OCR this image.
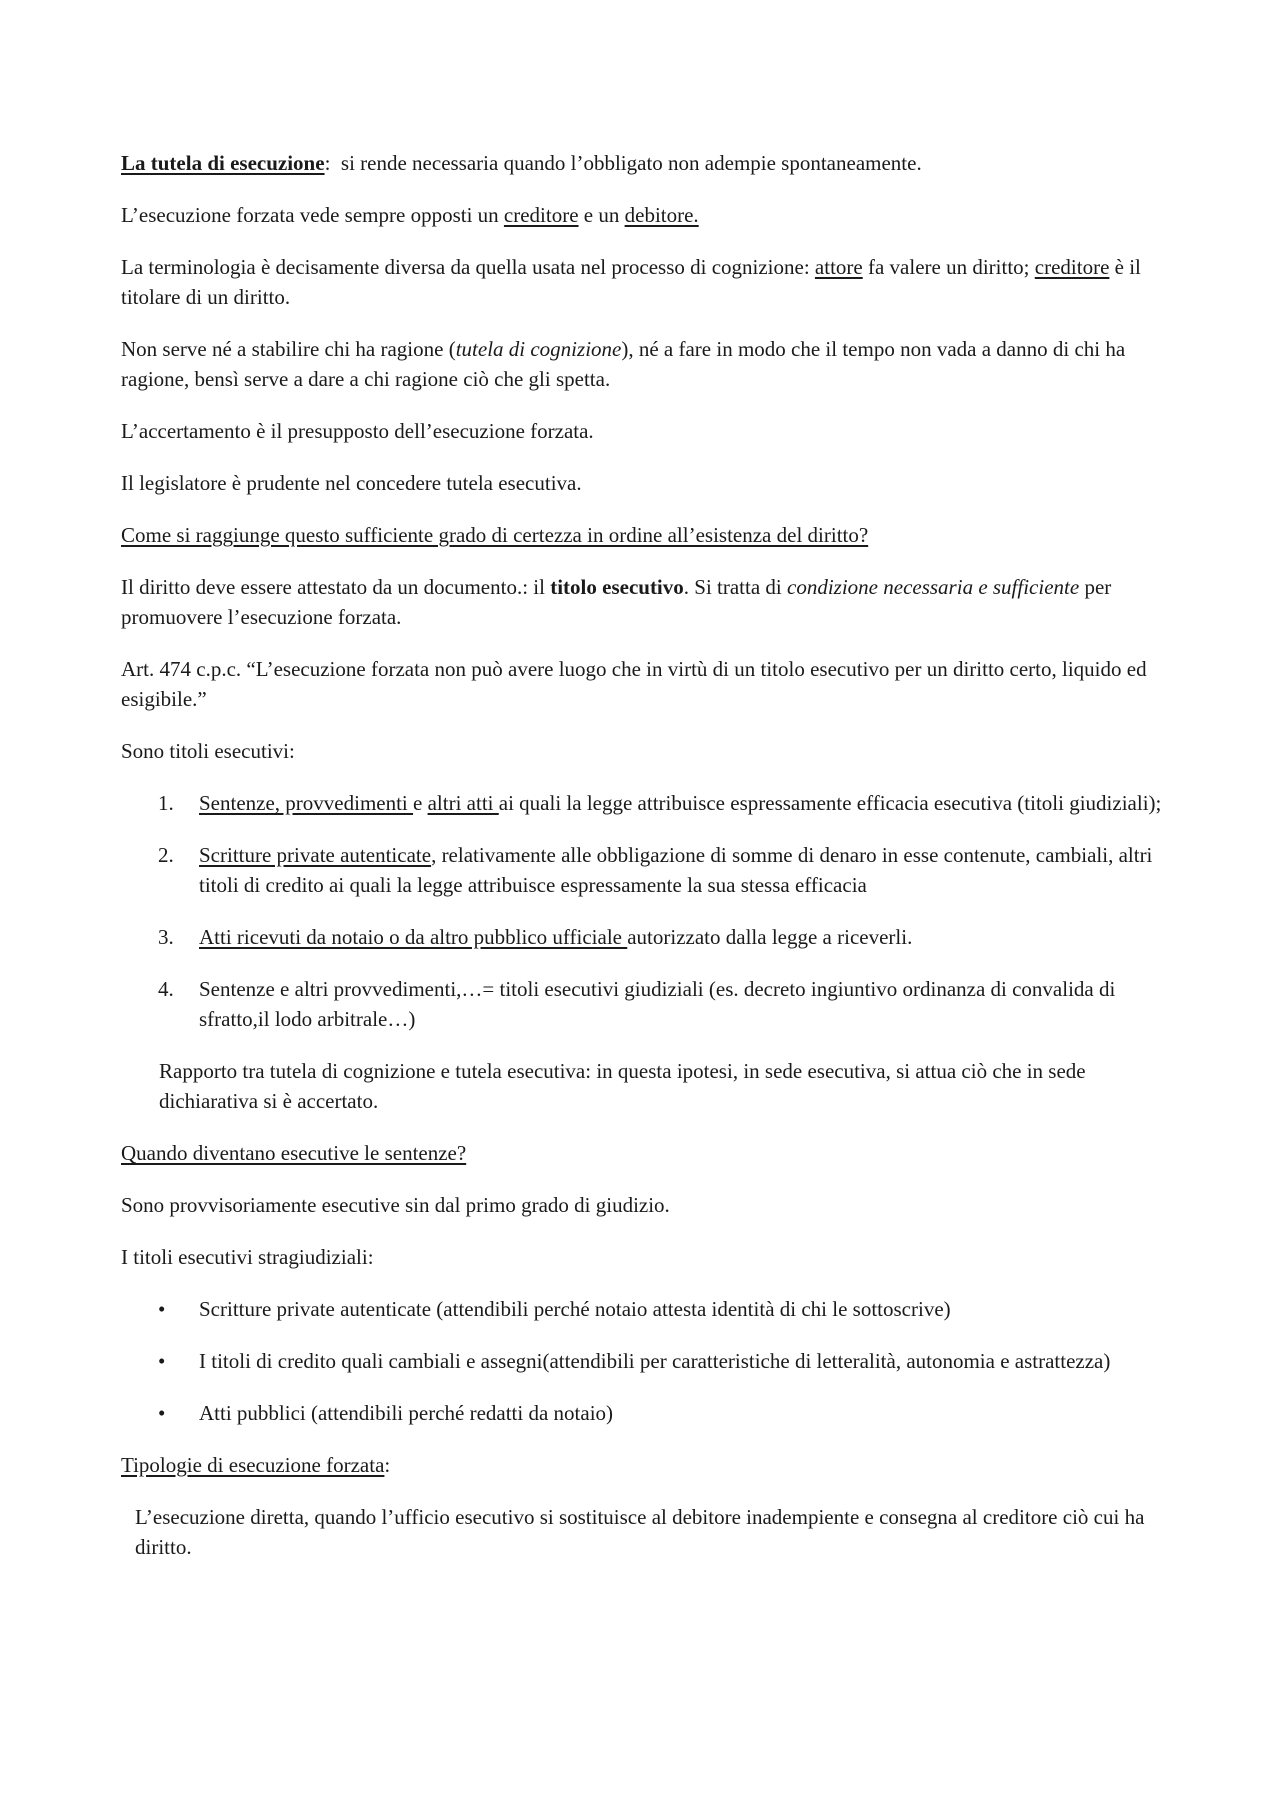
La tutela di esecuzione:  si rende necessaria quando l’obbligato non adempie spontaneamente.

L’esecuzione forzata vede sempre opposti un creditore e un debitore.

La terminologia è decisamente diversa da quella usata nel processo di cognizione: attore fa valere un diritto; creditore è il titolare di un diritto.

Non serve né a stabilire chi ha ragione (tutela di cognizione), né a fare in modo che il tempo non vada a danno di chi ha ragione, bensì serve a dare a chi ragione ciò che gli spetta.

L’accertamento è il presupposto dell’esecuzione forzata.

Il legislatore è prudente nel concedere tutela esecutiva.

Come si raggiunge questo sufficiente grado di certezza in ordine all’esistenza del diritto?

Il diritto deve essere attestato da un documento.: il titolo esecutivo. Si tratta di condizione necessaria e sufficiente per promuovere l’esecuzione forzata.

Art. 474 c.p.c. “L’esecuzione forzata non può avere luogo che in virtù di un titolo esecutivo per un diritto certo, liquido ed esigibile.”

Sono titoli esecutivi:

1. Sentenze, provvedimenti e altri atti ai quali la legge attribuisce espressamente efficacia esecutiva (titoli giudiziali);
2. Scritture private autenticate, relativamente alle obbligazione di somme di denaro in esse contenute, cambiali, altri titoli di credito ai quali la legge attribuisce espressamente la sua stessa efficacia
3. Atti ricevuti da notaio o da altro pubblico ufficiale autorizzato dalla legge a riceverli.
4. Sentenze e altri provvedimenti,…= titoli esecutivi giudiziali (es. decreto ingiuntivo ordinanza di convalida di sfratto,il lodo arbitrale…)

Rapporto tra tutela di cognizione e tutela esecutiva: in questa ipotesi, in sede esecutiva, si attua ciò che in sede dichiarativa si è accertato.

Quando diventano esecutive le sentenze?

Sono provvisoriamente esecutive sin dal primo grado di giudizio.

I titoli esecutivi stragiudiziali:

• Scritture private autenticate (attendibili perché notaio attesta identità di chi le sottoscrive)
• I titoli di credito quali cambiali e assegni(attendibili per caratteristiche di letteralità, autonomia e astrattezza)
• Atti pubblici (attendibili perché redatti da notaio)

Tipologie di esecuzione forzata:

L’esecuzione diretta, quando l’ufficio esecutivo si sostituisce al debitore inadempiente e consegna al creditore ciò cui ha diritto.
